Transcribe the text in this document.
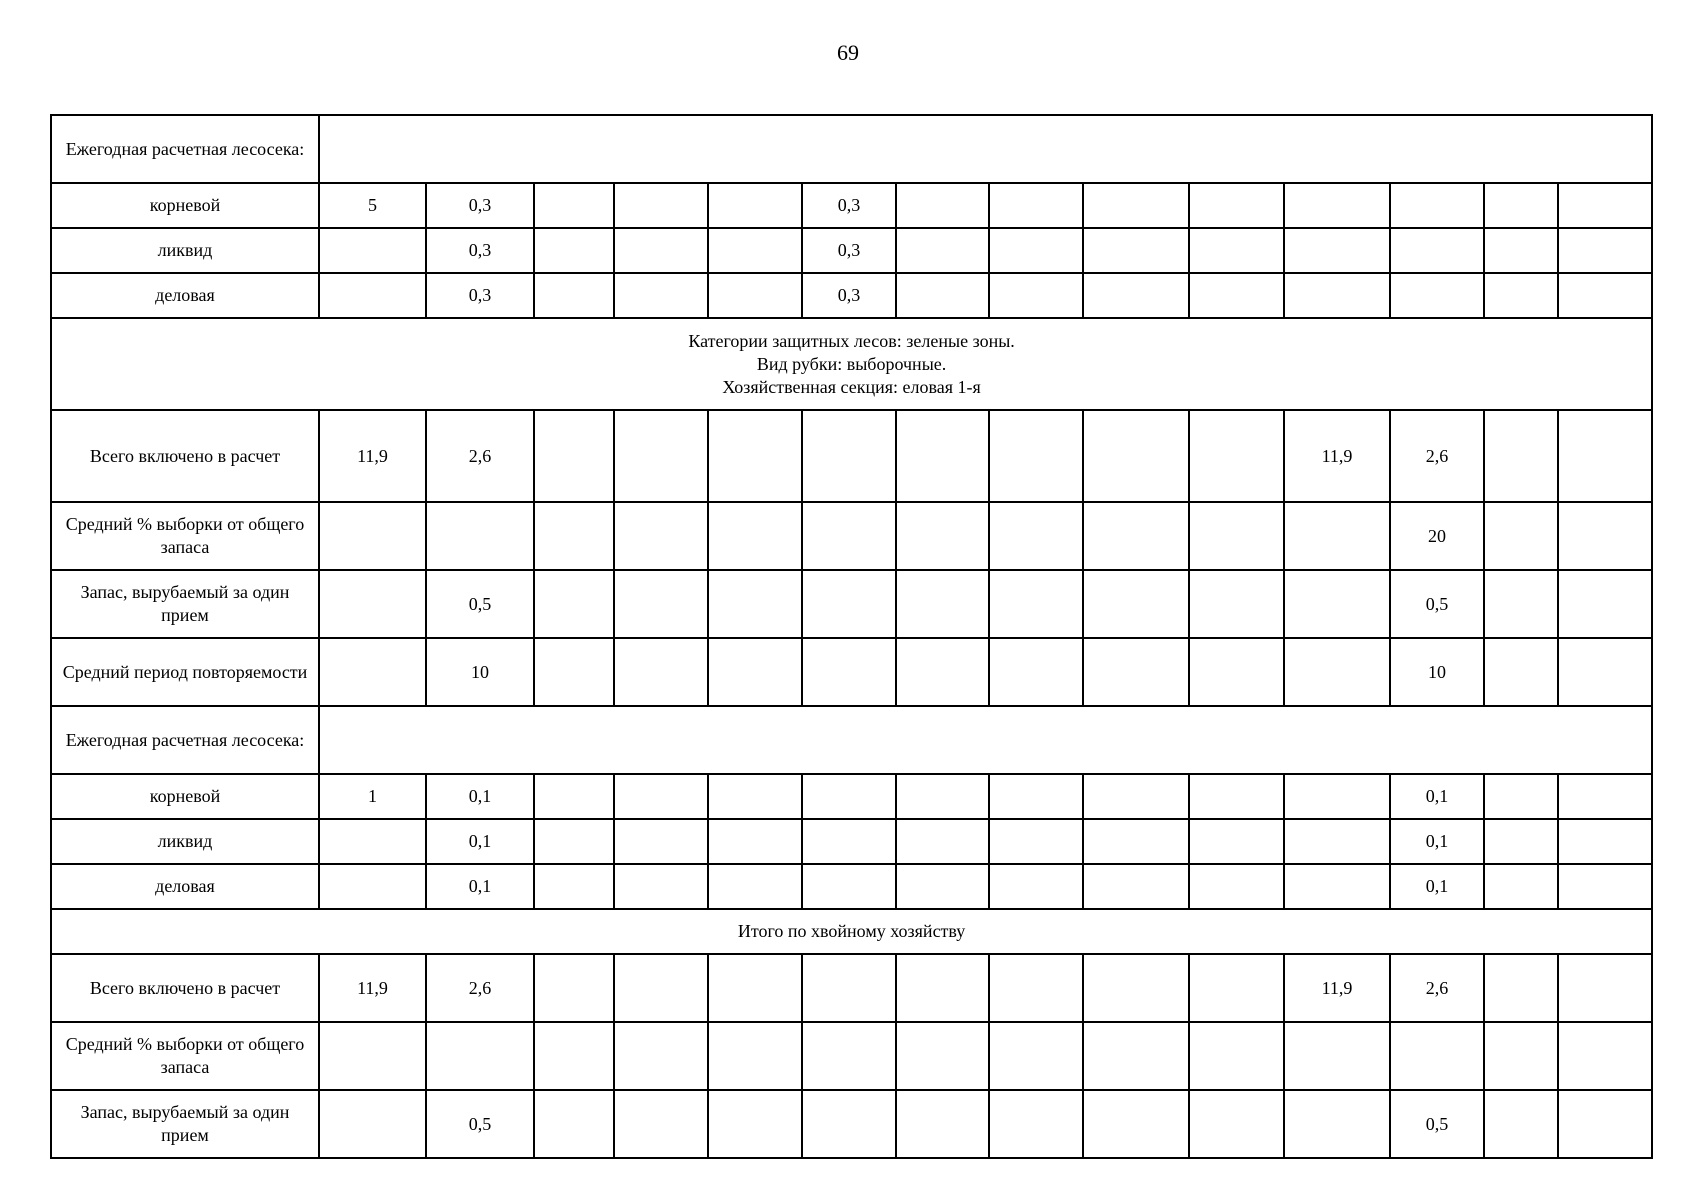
69
Ежегодная расчетная лесосека:														
корневой	5	0,3				0,3								
ликвид		0,3				0,3								
деловая		0,3				0,3								

Категории защитных лесов: зеленые зоны.
Вид рубки: выборочные.
Хозяйственная секция: еловая 1-я														

Всего включено в расчет	11,9	2,6									11,9	2,6		
Средний % выборки от общего запаса												20		
Запас, вырубаемый за один прием		0,5										0,5		
Средний период повторяемости		10										10		
Ежегодная расчетная лесосека:														
корневой	1	0,1										0,1		
ликвид		0,1										0,1		
деловая		0,1										0,1		

Итого по хвойному хозяйству														

Всего включено в расчет	11,9	2,6									11,9	2,6		
Средний % выборки от общего запаса														
Запас, вырубаемый за один прием		0,5										0,5		
